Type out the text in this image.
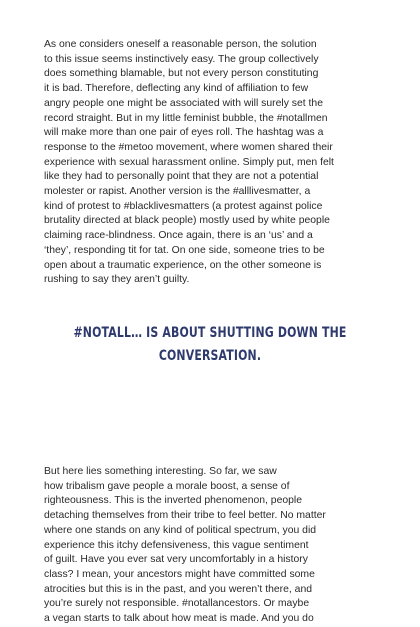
As one considers oneself a reasonable person, the solution
to this issue seems instinctively easy. The group collectively
does something blamable, but not every person constituting
it is bad. Therefore, deflecting any kind of affiliation to few
angry people one might be associated with will surely set the
record straight. But in my little feminist bubble, the #notallmen
will make more than one pair of eyes roll. The hashtag was a
response to the #metoo movement, where women shared their
experience with sexual harassment online. Simply put, men felt
like they had to personally point that they are not a potential
molester or rapist. Another version is the #alllivesmatter, a
kind of protest to #blacklivesmatters (a protest against police
brutality directed at black people) mostly used by white people
claiming race-blindness. Once again, there is an ‘us’ and a
‘they’, responding tit for tat. On one side, someone tries to be
open about a traumatic experience, on the other someone is
rushing to say they aren’t guilty.

#NOTALL… IS ABOUT SHUTTING DOWN THE
CONVERSATION.

But here lies something interesting. So far, we saw
how tribalism gave people a morale boost, a sense of
righteousness. This is the inverted phenomenon, people
detaching themselves from their tribe to feel better. No matter
where one stands on any kind of political spectrum, you did
experience this itchy defensiveness, this vague sentiment
of guilt. Have you ever sat very uncomfortably in a history
class? I mean, your ancestors might have committed some
atrocities but this is in the past, and you weren’t there, and
you’re surely not responsible. #notallancestors. Or maybe
a vegan starts to talk about how meat is made. And you do
